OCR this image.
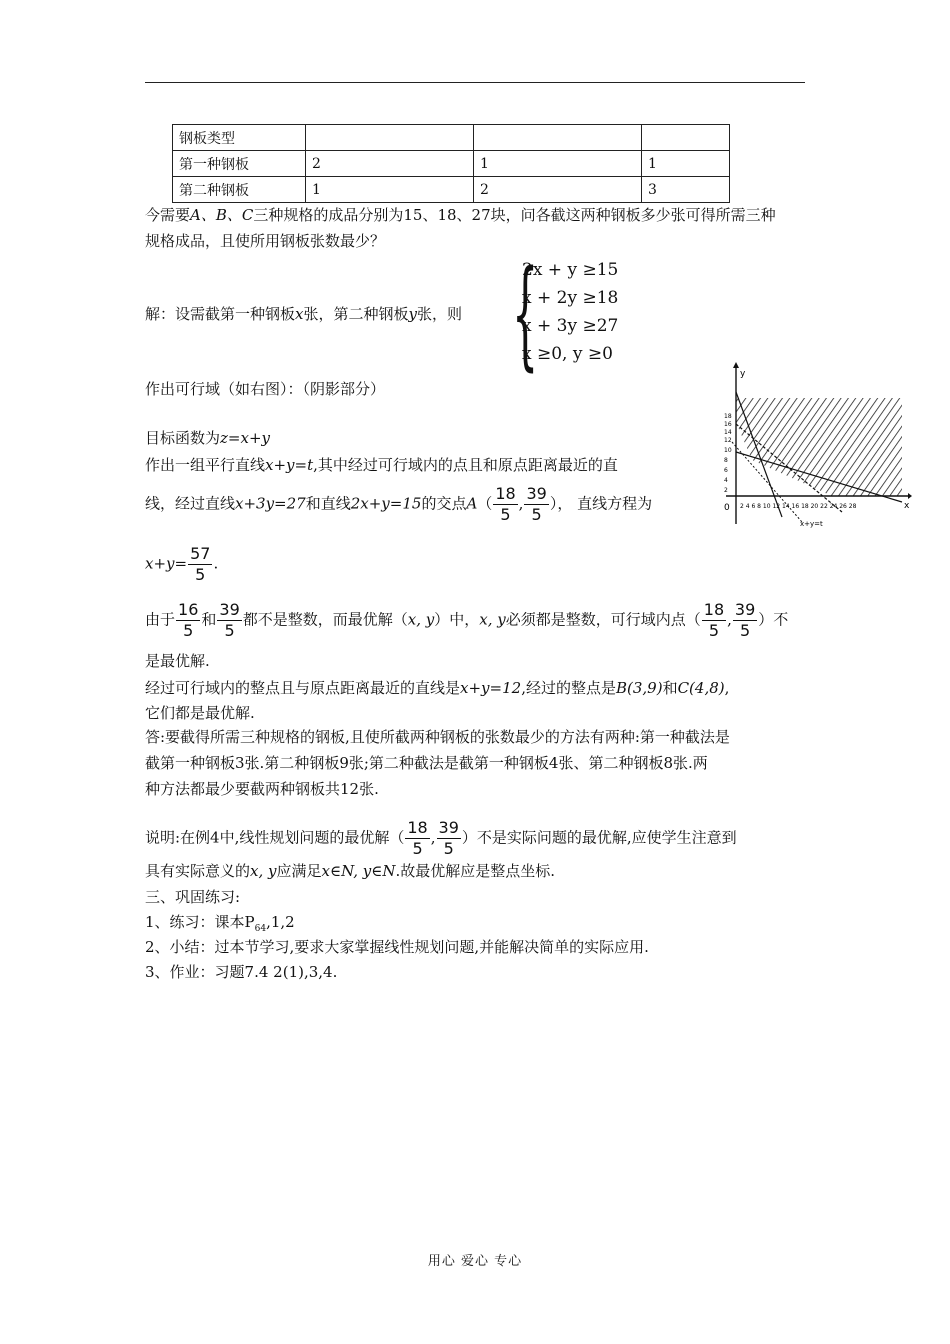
钢板类型			
第一种钢板	2	1	1
第二种钢板	1	2	3
今需要A、B、C三种规格的成品分别为15、18、27块，问各截这两种钢板多少张可得所需三种
规格成品，且使所用钢板张数最少？
解：设需截第一种钢板x张，第二种钢板y张，则 {
2x + y ≥15
x + 2y ≥18
x + 3y ≥27
x ≥0, y ≥0
作出可行域（如右图）：（阴影部分）
目标函数为z=x+y
作出一组平行直线x+y=t,其中经过可行域内的点且和原点距离最近的直
线，经过直线x+3y=27和直线2x+y=15的交点$A( \frac{18}{5}$ , $\frac{39}{5}$ ）， 直线方程为
$x+y= \frac{57}{5}$ .
由于 $\frac{16}{5}$ 和 $\frac{39}{5}$ 都不是整数，而最优解（x, y）中，x, y必须都是整数，可行域内点（ $\frac{18}{5}$ , $\frac{39}{5}$ ）不
是最优解.
经过可行域内的整点且与原点距离最近的直线是x+y=12,经过的整点是B(3,9)和C(4,8),
它们都是最优解.
答:要截得所需三种规格的钢板,且使所截两种钢板的张数最少的方法有两种:第一种截法是
截第一种钢板3张.第二种钢板9张;第二种截法是截第一种钢板4张、第二种钢板8张.两
种方法都最少要截两种钢板共12张.
说明:在例4中,线性规划问题的最优解（ $\frac{18}{5}$ , $\frac{39}{5}$ ）不是实际问题的最优解,应使学生注意到
具有实际意义的x, y应满足x∈N, y∈N.故最优解应是整点坐标.
三、巩固练习:
1、练习：课本$P_{64},1,2$
2、小结：过本节学习,要求大家掌握线性规划问题,并能解决简单的实际应用.
3、作业：习题7.4 2(1),3,4.
y
x
0 2 4 6 8 10 12 14 16 18 20 22 24 26 28
18
16
14
12
10
8
6
4
2
x+y=t
用心 爱心 专心
